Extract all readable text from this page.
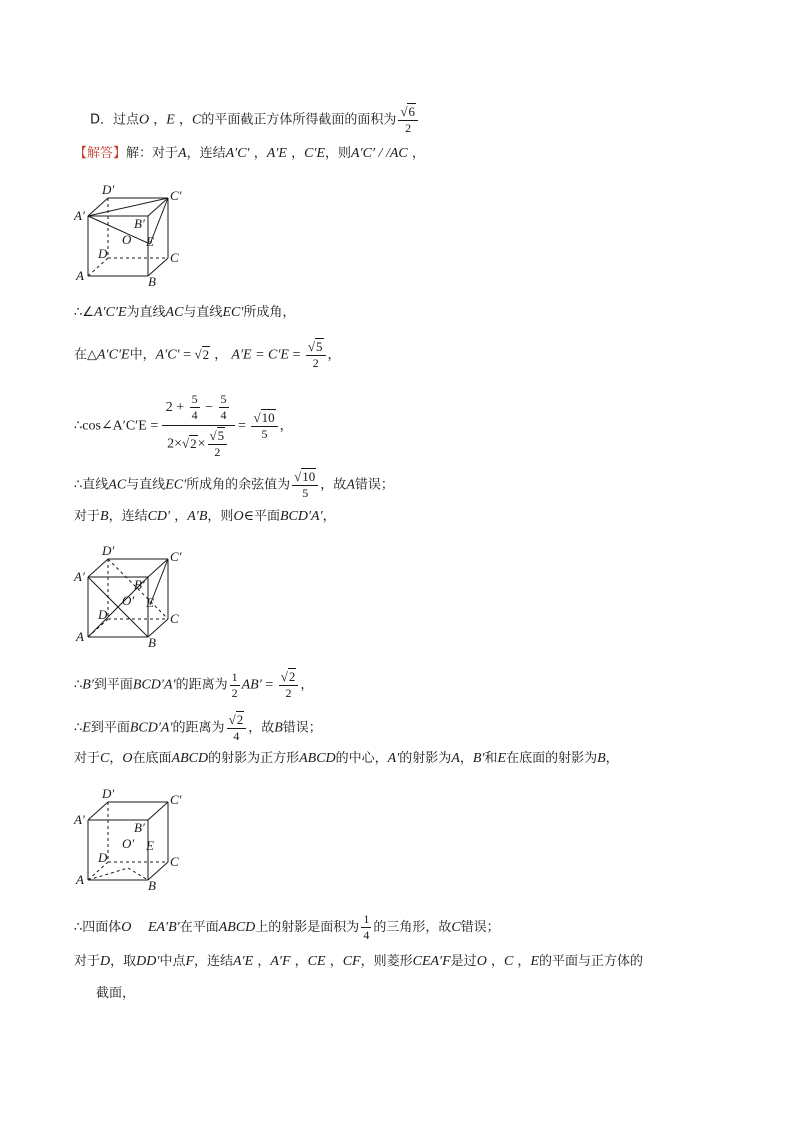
D．过点O ，E ，C的平面截正方体所得截面的面积为 $\frac{√6}{2}$
【解答】解：对于A，连结A′C′ ，A′E ，C′E，则A′C′ / /AC ，
D′	C′
A′
B′
O E
D	C
A	B
∴∠A′C′E为直线AC与直线EC′所成角，
在△A′C′E中，A′C′ = √2 ， $A'E = C'E = \frac{√5}{2}$ ，
∴cos∠A′C′E = $\frac{2 + \frac{5}{4} - \frac{5}{4}}{2\times√2\times \frac{√5}{2}} = \frac{√10}{5}$ ，
∴直线AC与直线EC′所成角的余弦值为 $\frac{√10}{5}$ ，故A错误；
对于B，连结CD′ ，A′B，则O∈平面BCD′A′，
D′	C′
A′
B′
O′ E
D	C
A	B
∴B′到平面BCD′A′的距离为 $\frac{1}{2} AB' = \frac{√2}{2}$ ，
∴E到平面BCD′A′的距离为 $\frac{√2}{4}$ ，故B错误；
对于C，O在底面ABCD的射影为正方形ABCD的中心，A′的射影为A，B′和E在底面的射影为B，
D′	C′
A′
B′
O′ E
D	C
A	B
∴四面体O EA′B′在平面ABCD上的射影是面积为 $\frac{1}{4}$ 的三角形，故C错误；
对于D，取DD′中点F，连结A′E ，A′F ，CE ，CF，则菱形CEA′F是过O ，C ，E的平面与正方体的
截面，
